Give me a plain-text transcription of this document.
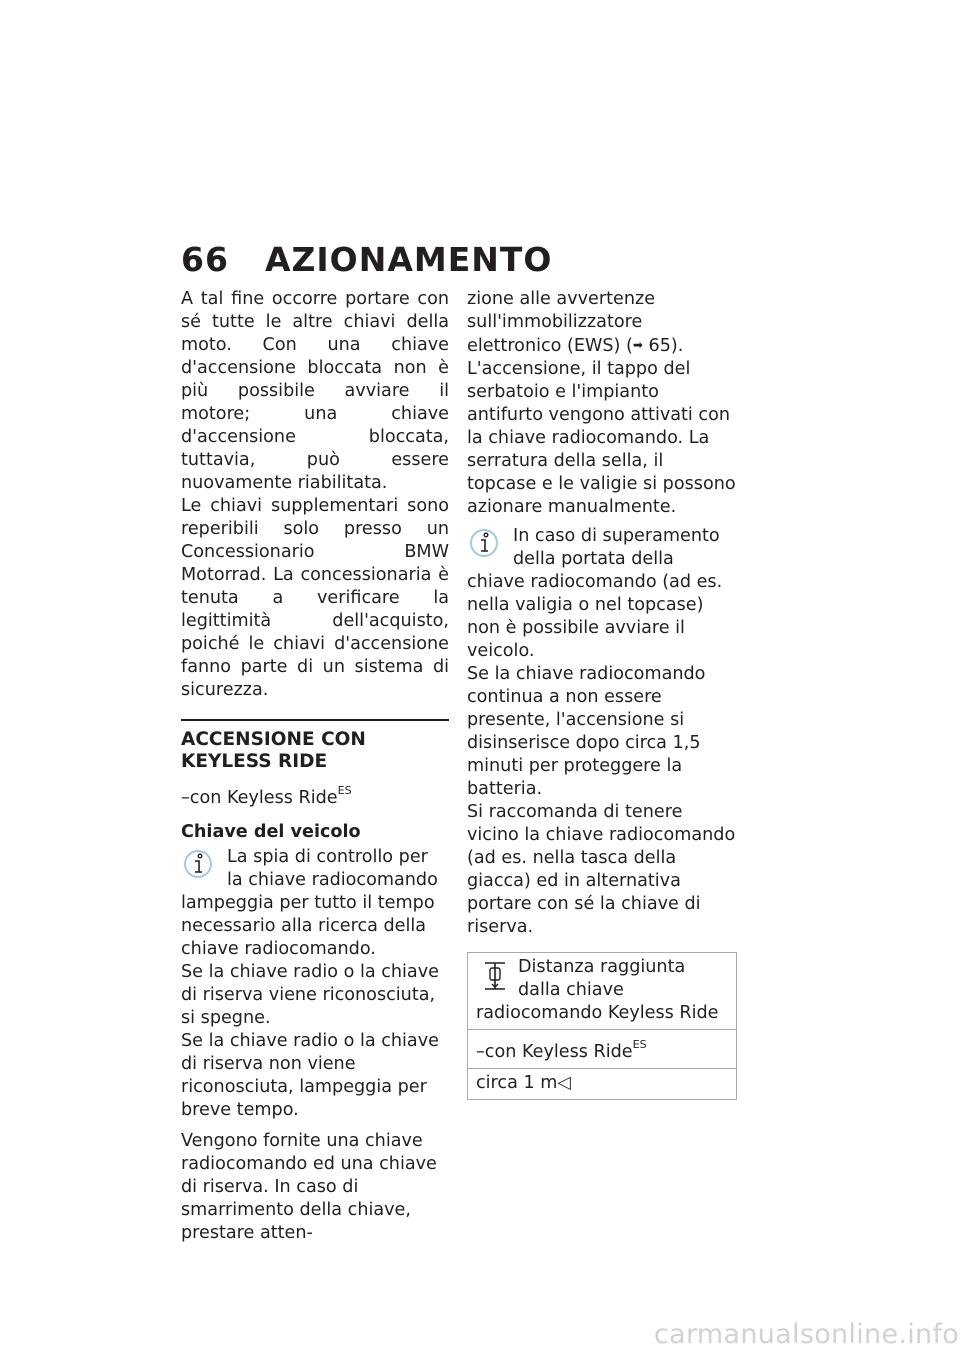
66 AZIONAMENTO

A tal fine occorre portare con sé tutte le altre chiavi della moto. Con una chiave d'accensione bloccata non è più possibile avviare il motore; una chiave d'accensione bloccata, tuttavia, può essere nuovamente riabilitata.

Le chiavi supplementari sono reperibili solo presso un Concessionario BMW Motorrad. La concessionaria è tenuta a verificare la legittimità dell'acquisto, poiché le chiavi d'accensione fanno parte di un sistema di sicurezza.

ACCENSIONE CON KEYLESS RIDE

–con Keyless Ride$^{ES}$

Chiave del veicolo

La spia di controllo per la chiave radiocomando lampeggia per tutto il tempo necessario alla ricerca della chiave radiocomando.

Se la chiave radio o la chiave di riserva viene riconosciuta, si spegne.

Se la chiave radio o la chiave di riserva non viene riconosciuta, lampeggia per breve tempo.

Vengono fornite una chiave radiocomando ed una chiave di riserva. In caso di smarrimento della chiave, prestare atten-

zione alle avvertenze sull'immobilizzatore elettronico (EWS) (➡ 65).

L'accensione, il tappo del serbatoio e l'impianto antifurto vengono attivati con la chiave radiocomando. La serratura della sella, il topcase e le valigie si possono azionare manualmente.

In caso di superamento della portata della chiave radiocomando (ad es. nella valigia o nel topcase) non è possibile avviare il veicolo.

Se la chiave radiocomando continua a non essere presente, l'accensione si disinserisce dopo circa 1,5 minuti per proteggere la batteria.

Si raccomanda di tenere vicino la chiave radiocomando (ad es. nella tasca della giacca) ed in alternativa portare con sé la chiave di riserva.

Distanza raggiunta dalla chiave radiocomando Keyless Ride
–con Keyless Ride$^{ES}$
circa 1 m◁
carmanualsonline.info
